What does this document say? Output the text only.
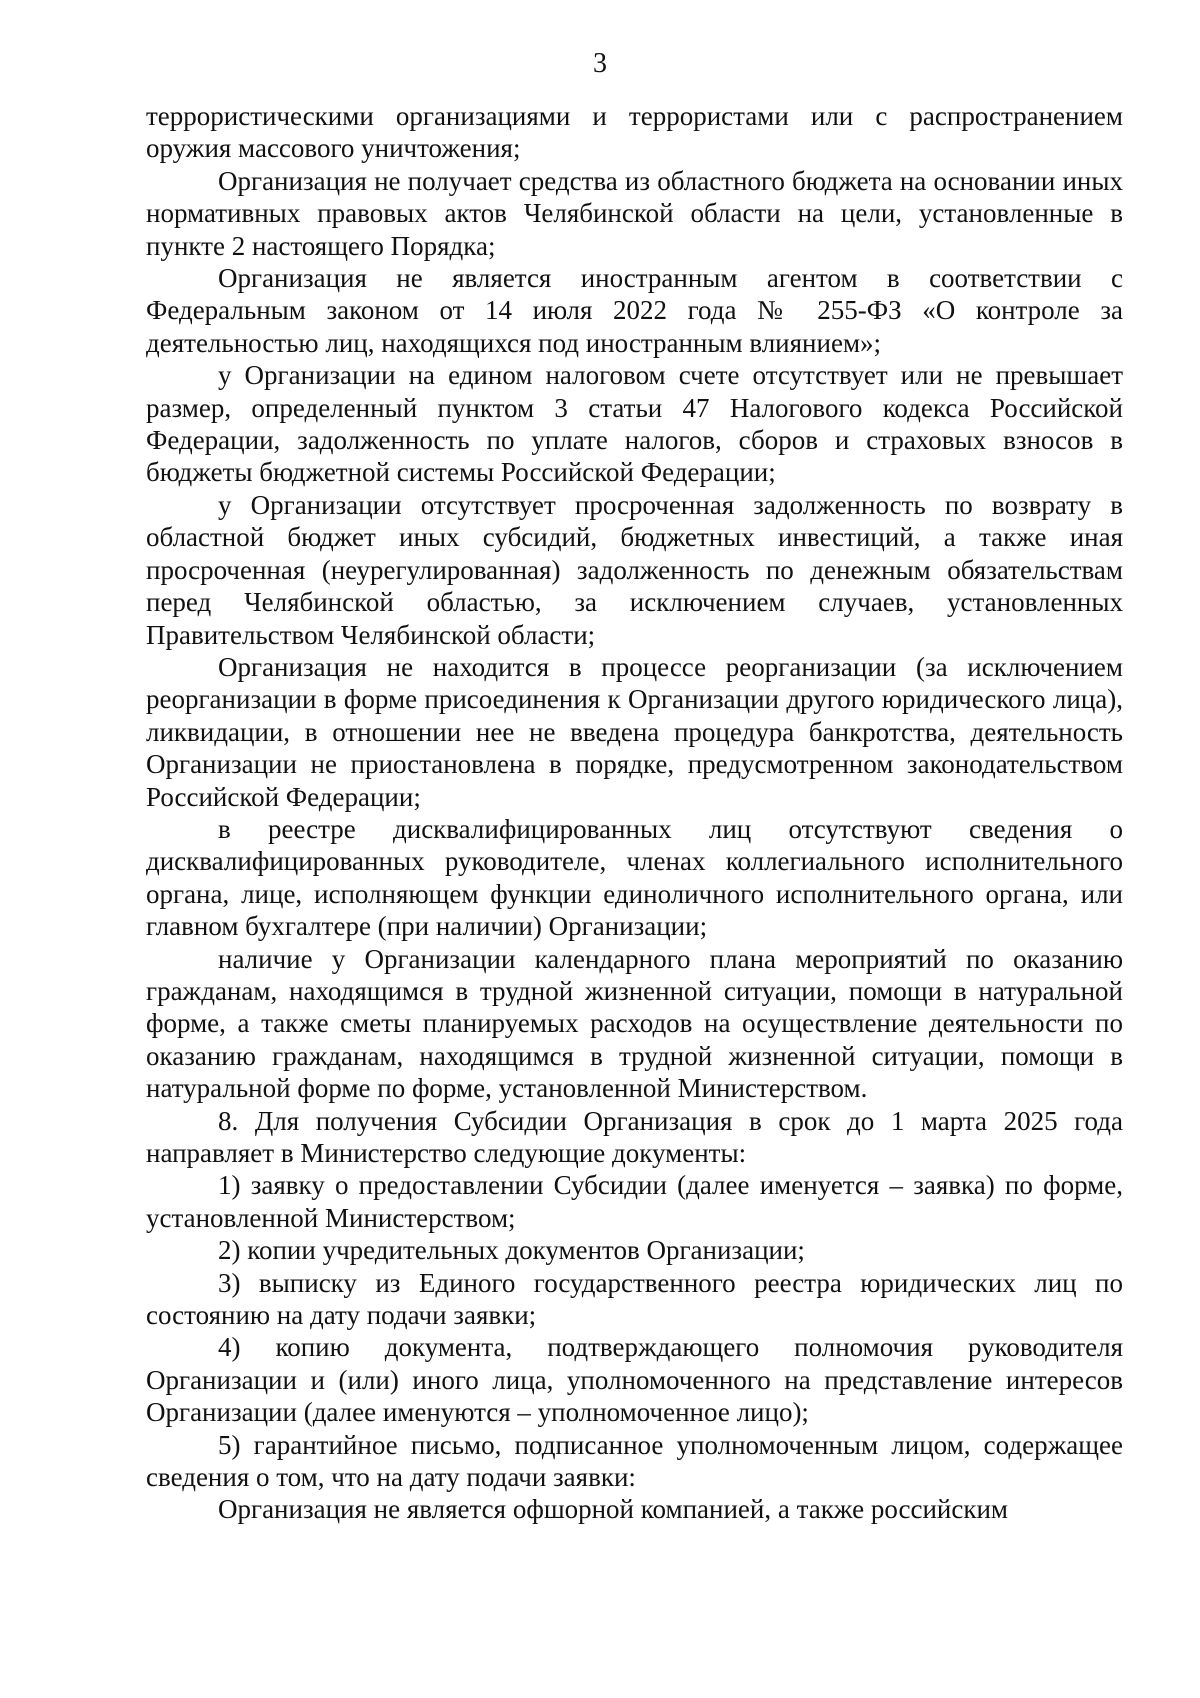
3

террористическими организациями и террористами или с распространением оружия массового уничтожения;

Организация не получает средства из областного бюджета на основании иных нормативных правовых актов Челябинской области на цели, установленные в пункте 2 настоящего Порядка;

Организация не является иностранным агентом в соответствии с Федеральным законом от 14 июля 2022 года № 255-ФЗ «О контроле за деятельностью лиц, находящихся под иностранным влиянием»;

у Организации на едином налоговом счете отсутствует или не превышает размер, определенный пунктом 3 статьи 47 Налогового кодекса Российской Федерации, задолженность по уплате налогов, сборов и страховых взносов в бюджеты бюджетной системы Российской Федерации;

у Организации отсутствует просроченная задолженность по возврату в областной бюджет иных субсидий, бюджетных инвестиций, а также иная просроченная (неурегулированная) задолженность по денежным обязательствам перед Челябинской областью, за исключением случаев, установленных Правительством Челябинской области;

Организация не находится в процессе реорганизации (за исключением реорганизации в форме присоединения к Организации другого юридического лица), ликвидации, в отношении нее не введена процедура банкротства, деятельность Организации не приостановлена в порядке, предусмотренном законодательством Российской Федерации;

в реестре дисквалифицированных лиц отсутствуют сведения о дисквалифицированных руководителе, членах коллегиального исполнительного органа, лице, исполняющем функции единоличного исполнительного органа, или главном бухгалтере (при наличии) Организации;

наличие у Организации календарного плана мероприятий по оказанию гражданам, находящимся в трудной жизненной ситуации, помощи в натуральной форме, а также сметы планируемых расходов на осуществление деятельности по оказанию гражданам, находящимся в трудной жизненной ситуации, помощи в натуральной форме по форме, установленной Министерством.

8. Для получения Субсидии Организация в срок до 1 марта 2025 года направляет в Министерство следующие документы:

1) заявку о предоставлении Субсидии (далее именуется – заявка) по форме, установленной Министерством;

2) копии учредительных документов Организации;

3) выписку из Единого государственного реестра юридических лиц по состоянию на дату подачи заявки;

4) копию документа, подтверждающего полномочия руководителя Организации и (или) иного лица, уполномоченного на представление интересов Организации (далее именуются – уполномоченное лицо);

5) гарантийное письмо, подписанное уполномоченным лицом, содержащее сведения о том, что на дату подачи заявки:

Организация не является офшорной компанией, а также российским
